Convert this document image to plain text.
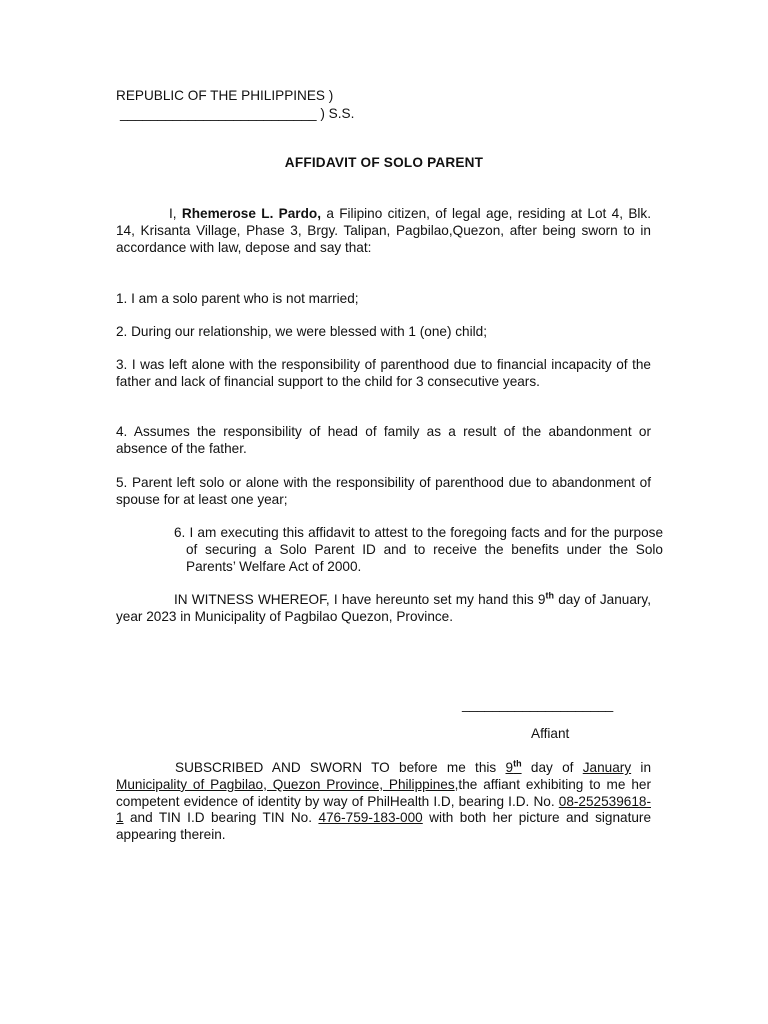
REPUBLIC OF THE PHILIPPINES )
__________________________ ) S.S.
AFFIDAVIT OF SOLO PARENT
I, Rhemerose L. Pardo, a Filipino citizen, of legal age, residing at Lot 4, Blk. 14, Krisanta Village, Phase 3, Brgy. Talipan, Pagbilao,Quezon, after being sworn to in accordance with law, depose and say that:
1. I am a solo parent who is not married;
2. During our relationship, we were blessed with 1 (one) child;
3. I was left alone with the responsibility of parenthood due to financial incapacity of the father and lack of financial support to the child for 3 consecutive years.
4. Assumes the responsibility of head of family as a result of the abandonment or absence of the father.
5. Parent left solo or alone with the responsibility of parenthood due to abandonment of spouse for at least one year;
6. I am executing this affidavit to attest to the foregoing facts and for the purpose of securing a Solo Parent ID and to receive the benefits under the Solo Parents’ Welfare Act of 2000.
IN WITNESS WHEREOF, I have hereunto set my hand this 9th day of January, year 2023 in Municipality of Pagbilao Quezon, Province.
____________________
Affiant
SUBSCRIBED AND SWORN TO before me this 9th day of January in Municipality of Pagbilao, Quezon Province, Philippines,the affiant exhibiting to me her competent evidence of identity by way of PhilHealth I.D, bearing I.D. No. 08-252539618-1 and TIN I.D bearing TIN No. 476-759-183-000 with both her picture and signature appearing therein.
